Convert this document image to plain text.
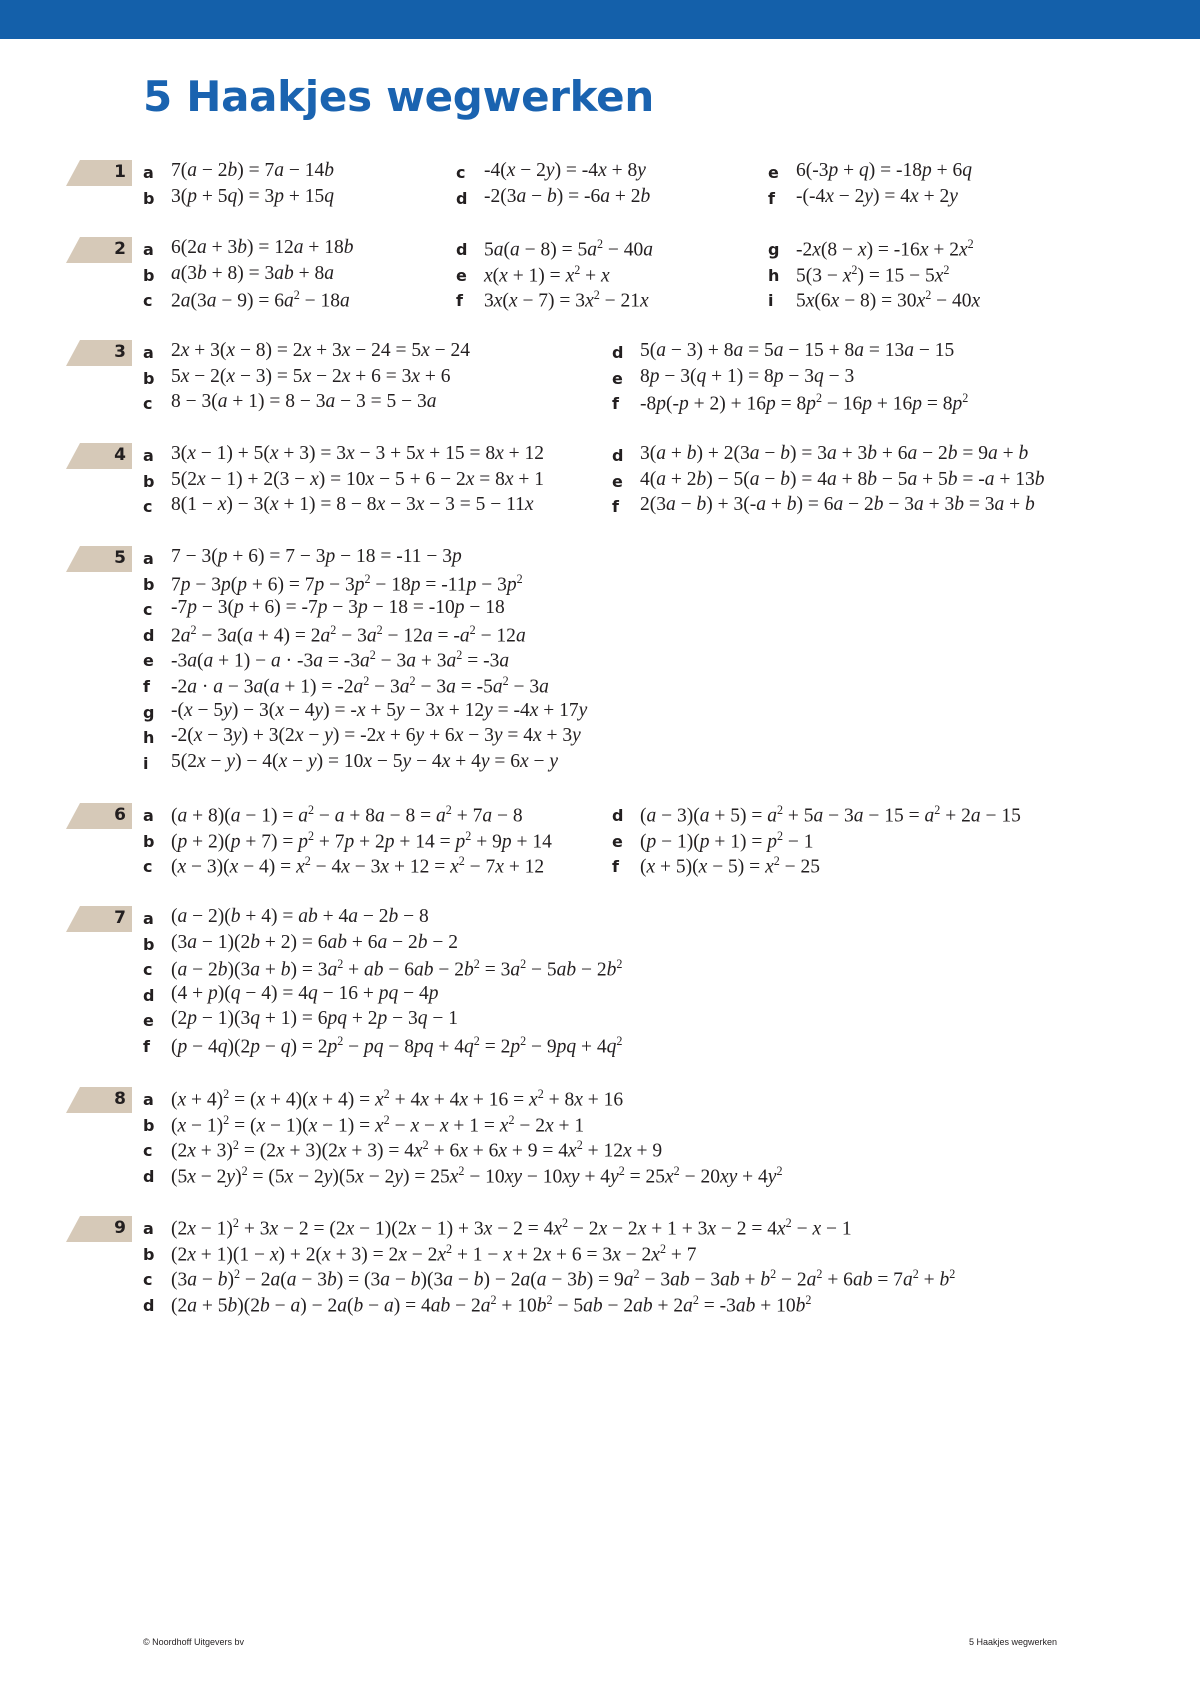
5 Haakjes wegwerken
1 a 7(a − 2b) = 7a − 14b
b 3(p + 5q) = 3p + 15q
c -4(x − 2y) = -4x + 8y
d -2(3a − b) = -6a + 2b
e 6(-3p + q) = -18p + 6q
f -(-4x − 2y) = 4x + 2y
2 a 6(2a + 3b) = 12a + 18b
b a(3b + 8) = 3ab + 8a
c $2a(3a - 9) = 6a^2 - 18a$
d $5a(a - 8) = 5a^2 - 40a$
e $x(x + 1) = x^2 + x$
f $3x(x - 7) = 3x^2 - 21x$
g $-2x(8 - x) = -16x + 2x^2$
h $5(3 - x^2) = 15 - 5x^2$
i $5x(6x - 8) = 30x^2 - 40x$
3 a 2x + 3(x − 8) = 2x + 3x − 24 = 5x − 24
b 5x − 2(x − 3) = 5x − 2x + 6 = 3x + 6
c 8 − 3(a + 1) = 8 − 3a − 3 = 5 − 3a
d 5(a − 3) + 8a = 5a − 15 + 8a = 13a − 15
e 8p − 3(q + 1) = 8p − 3q − 3
f $-8p(-p + 2) + 16p = 8p^2 - 16p + 16p = 8p^2$
4 a 3(x − 1) + 5(x + 3) = 3x − 3 + 5x + 15 = 8x + 12
b 5(2x − 1) + 2(3 − x) = 10x − 5 + 6 − 2x = 8x + 1
c 8(1 − x) − 3(x + 1) = 8 − 8x − 3x − 3 = 5 − 11x
d 3(a + b) + 2(3a − b) = 3a + 3b + 6a − 2b = 9a + b
e 4(a + 2b) − 5(a − b) = 4a + 8b − 5a + 5b = -a + 13b
f 2(3a − b) + 3(-a + b) = 6a − 2b − 3a + 3b = 3a + b
5 a 7 − 3(p + 6) = 7 − 3p − 18 = -11 − 3p
b $7p - 3p(p + 6) = 7p - 3p^2 - 18p = -11p - 3p^2$
c -7p − 3(p + 6) = -7p − 3p − 18 = -10p − 18
d $2a^2 - 3a(a + 4) = 2a^2 - 3a^2 - 12a = -a^2 - 12a$
e $-3a(a + 1) - a \cdot -3a = -3a^2 - 3a + 3a^2 = -3a$
f $-2a \cdot a - 3a(a + 1) = -2a^2 - 3a^2 - 3a = -5a^2 - 3a$
g -(x − 5y) − 3(x − 4y) = -x + 5y − 3x + 12y = -4x + 17y
h -2(x − 3y) + 3(2x − y) = -2x + 6y + 6x − 3y = 4x + 3y
i 5(2x − y) − 4(x − y) = 10x − 5y − 4x + 4y = 6x − y
6 a $(a + 8)(a - 1) = a^2 - a + 8a - 8 = a^2 + 7a - 8$
b $(p + 2)(p + 7) = p^2 + 7p + 2p + 14 = p^2 + 9p + 14$
c $(x - 3)(x - 4) = x^2 - 4x - 3x + 12 = x^2 - 7x + 12$
d $(a - 3)(a + 5) = a^2 + 5a - 3a - 15 = a^2 + 2a - 15$
e $(p - 1)(p + 1) = p^2 - 1$
f $(x + 5)(x - 5) = x^2 - 25$
7 a (a − 2)(b + 4) = ab + 4a − 2b − 8
b (3a − 1)(2b + 2) = 6ab + 6a − 2b − 2
c $(a - 2b)(3a + b) = 3a^2$ + ab − $6ab - 2b^2 = 3a^2 - 5ab - 2b^2$
d (4 + p)(q − 4) = 4q − 16 + pq − 4p
e (2p − 1)(3q + 1) = 6pq + 2p − 3q − 1
f $(p - 4q)(2p - q) = 2p^2$ − pq − $8pq + 4q^2 = 2p^2 - 9pq + 4q^2$
8 a $(x + 4)^2 = (x + 4)(x + 4) = x^2 + 4x + 4x + 16 = x^2 + 8x + 16$
b $(x - 1)^2 = (x - 1)(x - 1) = x^2 - x - x + 1 = x^2 - 2x + 1$
c $(2x + 3)^2 = (2x + 3)(2x + 3) = 4x^2 + 6x + 6x + 9 = 4x^2 + 12x + 9$
d $(5x - 2y)^2 = (5x - 2y)(5x - 2y) = 25x^2 - 10xy - 10xy + 4y^2 = 25x^2 - 20xy + 4y^2$
9 a $(2x - 1)^2 + 3x - 2 = (2x - 1)(2x - 1) + 3x - 2 = 4x^2 - 2x - 2x + 1 + 3x - 2 = 4x^2 - x - 1$
b $(2x + 1)(1 - x) + 2(x + 3) = 2x - 2x^2 + 1 - x + 2x + 6 = 3x - 2x^2 + 7$
c $(3a - b)^2 - 2a(a - 3b) = (3a - b)(3a - b) - 2a(a - 3b) = 9a^2 - 3ab - 3ab + b^2 - 2a^2 + 6ab = 7a^2 + b^2$
d $(2a + 5b)(2b - a) - 2a(b - a) = 4ab - 2a^2 + 10b^2 - 5ab - 2ab + 2a^2 = -3ab + 10b^2$
© Noordhoff Uitgevers bv	5 Haakjes wegwerken
